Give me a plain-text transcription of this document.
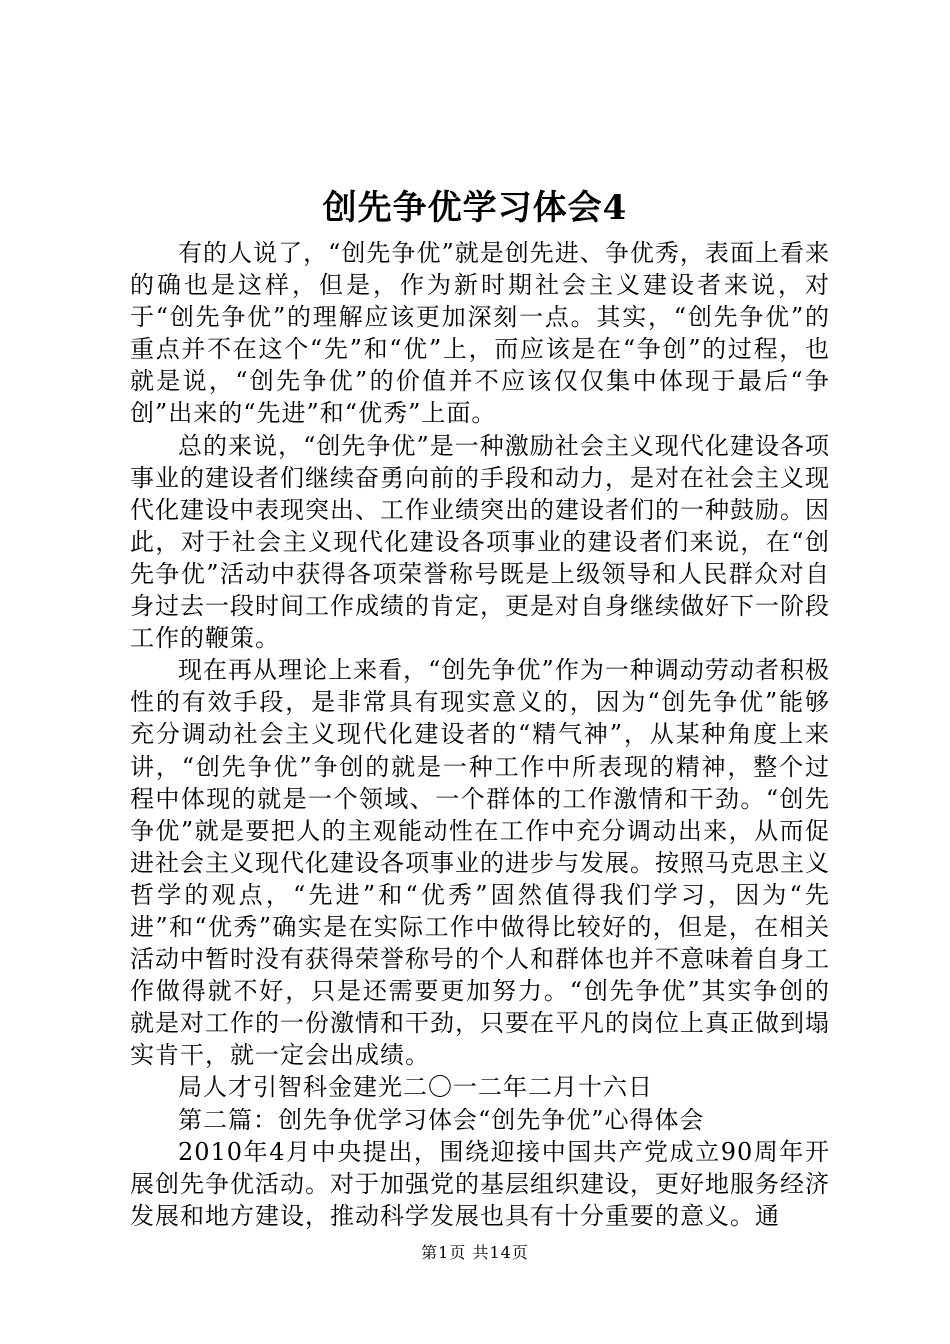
创先争优学习体会4

有的人说了，“创先争优”就是创先进、争优秀，表面上看来的确也是这样，但是，作为新时期社会主义建设者来说，对于“创先争优”的理解应该更加深刻一点。其实，“创先争优”的重点并不在这个“先”和“优”上，而应该是在“争创”的过程，也就是说，“创先争优”的价值并不应该仅仅集中体现于最后“争创”出来的“先进”和“优秀”上面。

总的来说，“创先争优”是一种激励社会主义现代化建设各项事业的建设者们继续奋勇向前的手段和动力，是对在社会主义现代化建设中表现突出、工作业绩突出的建设者们的一种鼓励。因此，对于社会主义现代化建设各项事业的建设者们来说，在“创先争优”活动中获得各项荣誉称号既是上级领导和人民群众对自身过去一段时间工作成绩的肯定，更是对自身继续做好下一阶段工作的鞭策。

现在再从理论上来看，“创先争优”作为一种调动劳动者积极性的有效手段，是非常具有现实意义的，因为“创先争优”能够充分调动社会主义现代化建设者的“精气神”，从某种角度上来讲，“创先争优”争创的就是一种工作中所表现的精神，整个过程中体现的就是一个领域、一个群体的工作激情和干劲。“创先争优”就是要把人的主观能动性在工作中充分调动出来，从而促进社会主义现代化建设各项事业的进步与发展。按照马克思主义哲学的观点，“先进”和“优秀”固然值得我们学习，因为“先进”和“优秀”确实是在实际工作中做得比较好的，但是，在相关活动中暂时没有获得荣誉称号的个人和群体也并不意味着自身工作做得就不好，只是还需要更加努力。“创先争优”其实争创的就是对工作的一份激情和干劲，只要在平凡的岗位上真正做到塌实肯干，就一定会出成绩。

局人才引智科金建光二〇一二年二月十六日

第二篇：创先争优学习体会“创先争优”心得体会

2010年4月中央提出，围绕迎接中国共产党成立90周年开展创先争优活动。对于加强党的基层组织建设，更好地服务经济发展和地方建设，推动科学发展也具有十分重要的意义。通

第1页 共14页
